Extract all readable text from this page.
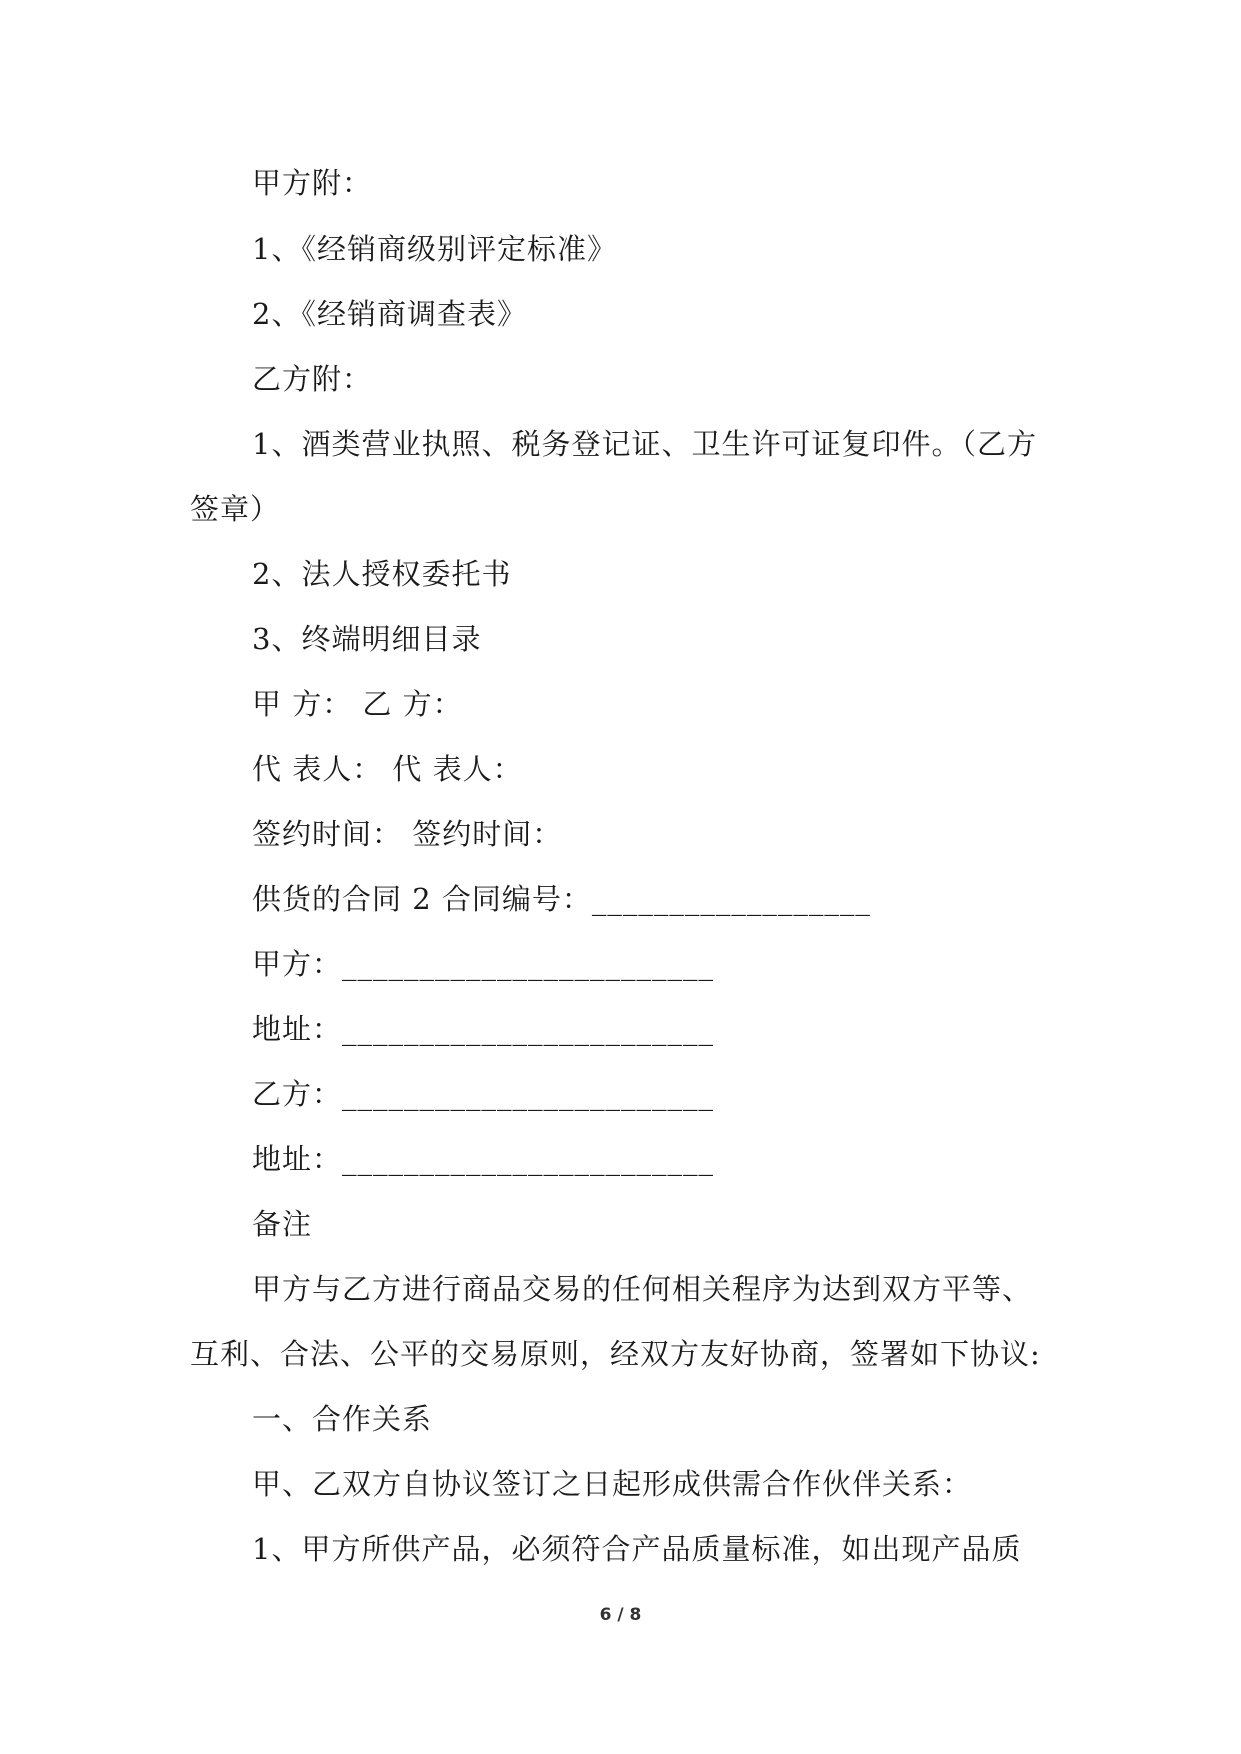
甲方附：

1、《经销商级别评定标准》

2、《经销商调查表》

乙方附：

1、酒类营业执照、税务登记证、卫生许可证复印件。（乙方

签章）

2、法人授权委托书

3、终端明细目录

甲 方： 乙 方：

代 表人： 代 表人：

签约时间： 签约时间：

供货的合同 2 合同编号：__________________

甲方：________________________

地址：________________________

乙方：________________________

地址：________________________

备注

甲方与乙方进行商品交易的任何相关程序为达到双方平等、

互利、合法、公平的交易原则，经双方友好协商，签署如下协议:

一、合作关系

甲、乙双方自协议签订之日起形成供需合作伙伴关系：

1、甲方所供产品，必须符合产品质量标准，如出现产品质

6 / 8
